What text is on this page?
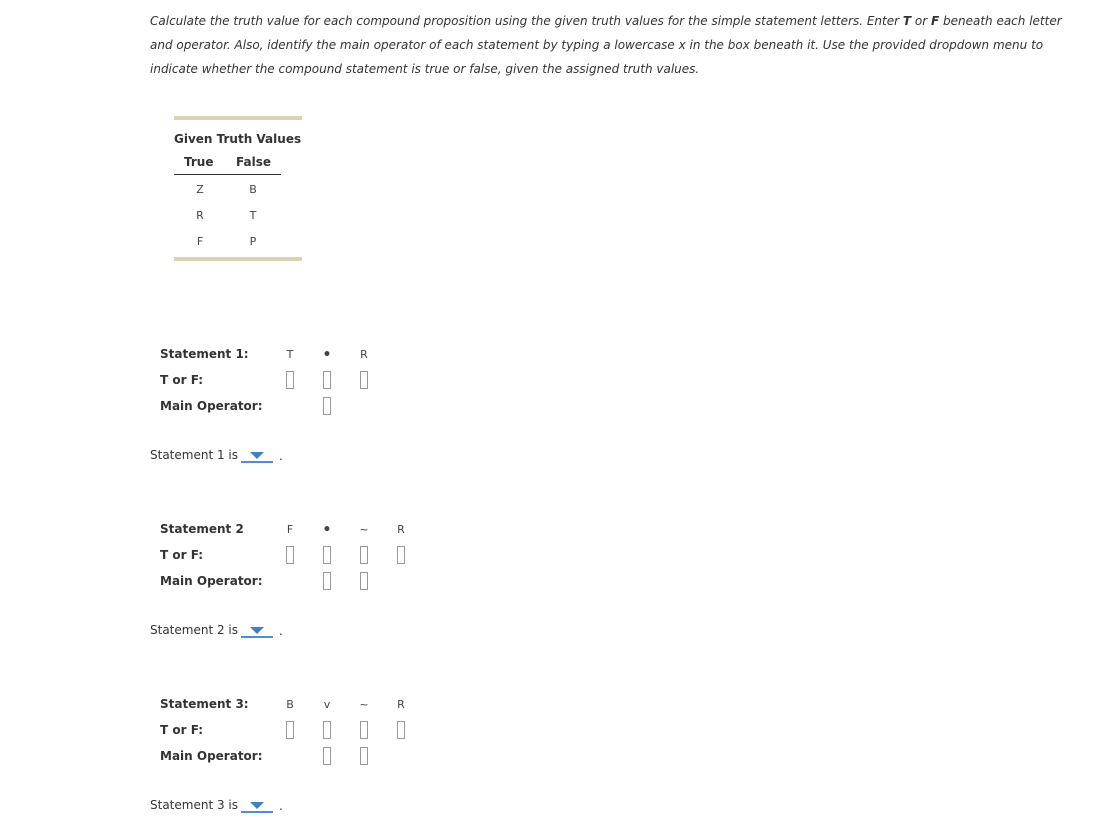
Calculate the truth value for each compound proposition using the given truth values for the simple statement letters. Enter T or F beneath each letter and operator. Also, identify the main operator of each statement by typing a lowercase x in the box beneath it. Use the provided dropdown menu to indicate whether the compound statement is true or false, given the assigned truth values.
Given Truth Values
True False
Z	B
R	T
F	P
Statement 1:	T	•	R
T or F:
Main Operator:
Statement 1 is	.
Statement 2	F	•	~	R
T or F:
Main Operator:
Statement 2 is	.
Statement 3:	B	v	~	R
T or F:
Main Operator:
Statement 3 is	.
